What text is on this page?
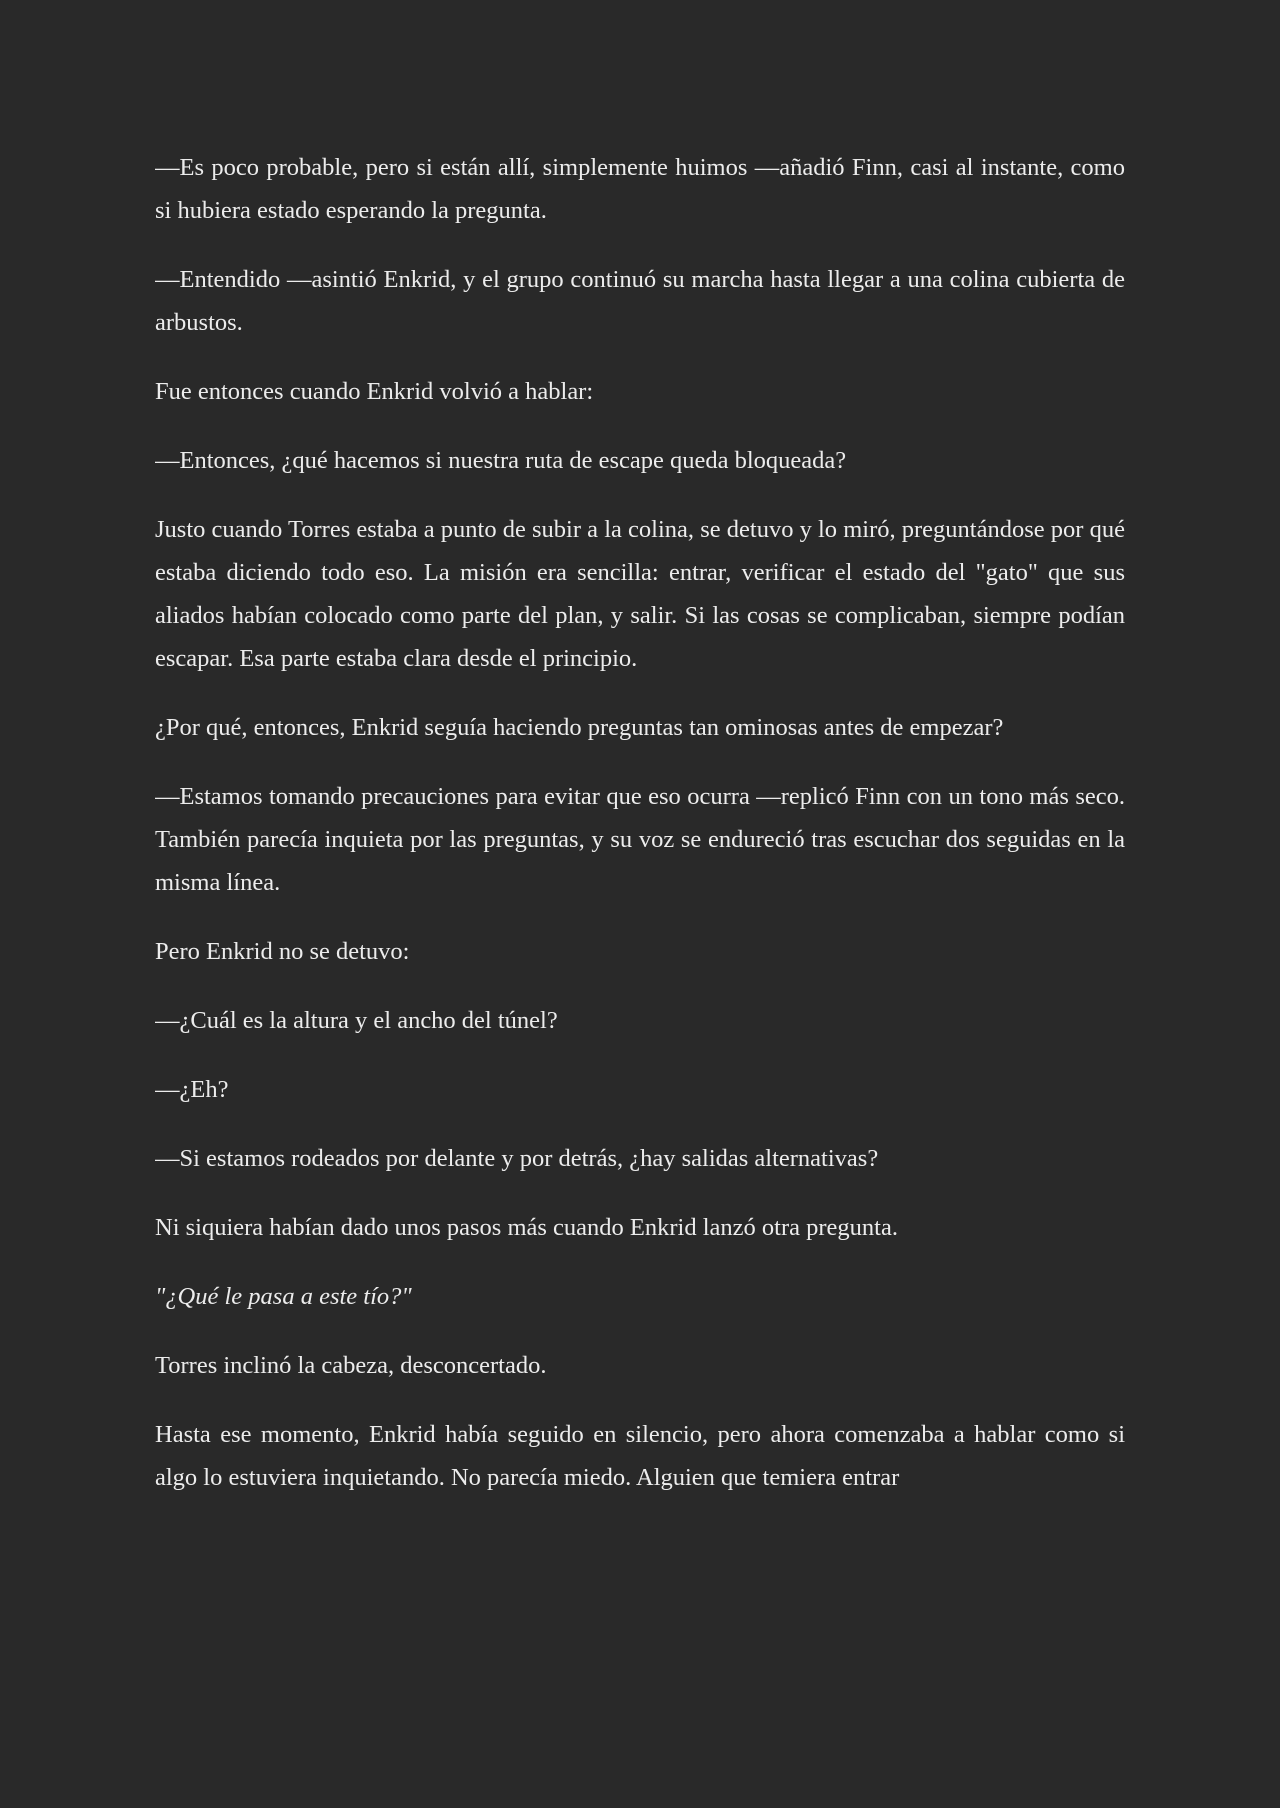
—Es poco probable, pero si están allí, simplemente huimos —añadió Finn, casi al instante, como si hubiera estado esperando la pregunta.

—Entendido —asintió Enkrid, y el grupo continuó su marcha hasta llegar a una colina cubierta de arbustos.

Fue entonces cuando Enkrid volvió a hablar:

—Entonces, ¿qué hacemos si nuestra ruta de escape queda bloqueada?

Justo cuando Torres estaba a punto de subir a la colina, se detuvo y lo miró, preguntándose por qué estaba diciendo todo eso. La misión era sencilla: entrar, verificar el estado del "gato" que sus aliados habían colocado como parte del plan, y salir. Si las cosas se complicaban, siempre podían escapar. Esa parte estaba clara desde el principio.

¿Por qué, entonces, Enkrid seguía haciendo preguntas tan ominosas antes de empezar?

—Estamos tomando precauciones para evitar que eso ocurra —replicó Finn con un tono más seco. También parecía inquieta por las preguntas, y su voz se endureció tras escuchar dos seguidas en la misma línea.

Pero Enkrid no se detuvo:

—¿Cuál es la altura y el ancho del túnel?

—¿Eh?

—Si estamos rodeados por delante y por detrás, ¿hay salidas alternativas?

Ni siquiera habían dado unos pasos más cuando Enkrid lanzó otra pregunta.

"¿Qué le pasa a este tío?"

Torres inclinó la cabeza, desconcertado.

Hasta ese momento, Enkrid había seguido en silencio, pero ahora comenzaba a hablar como si algo lo estuviera inquietando. No parecía miedo. Alguien que temiera entrar
